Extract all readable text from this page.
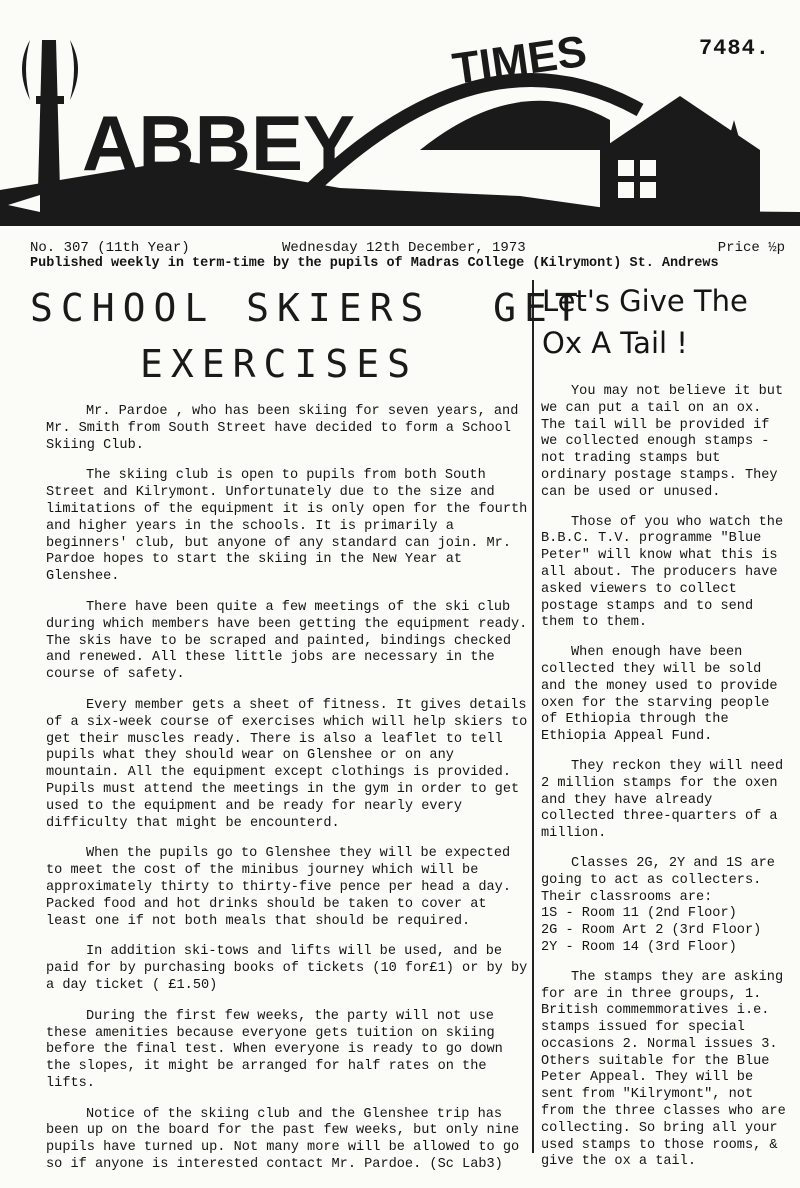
ABBEY
TIMES	7484.
No. 307 (11th Year)	Wednesday 12th December, 1973	Price ½p
Published weekly in term-time by the pupils of Madras College (Kilrymont) St. Andrews
SCHOOL SKIERS  GET
EXERCISES
Let's Give The
Ox A Tail !

Mr. Pardoe , who has been skiing for seven years, and Mr. Smith from South Street have decided to form a School Skiing Club.

The skiing club is open to pupils from both South Street and Kilrymont. Unfortunately due to the size and limitations of the equipment it is only open for the fourth and higher years in the schools. It is primarily a beginners' club, but anyone of any standard can join. Mr. Pardoe hopes to start the skiing in the New Year at Glenshee.

There have been quite a few meetings of the ski club during which members have been getting the equipment ready. The skis have to be scraped and painted, bindings checked and renewed. All these little jobs are necessary in the course of safety.

Every member gets a sheet of fitness. It gives details of a six-week course of exercises which will help skiers to get their muscles ready. There is also a leaflet to tell pupils what they should wear on Glenshee or on any mountain. All the equipment except clothings is provided. Pupils must attend the meetings in the gym in order to get used to the equipment and be ready for nearly every difficulty that might be encounterd.

When the pupils go to Glenshee they will be expected to meet the cost of the minibus journey which will be approximately thirty to thirty-five pence per head a day. Packed food and hot drinks should be taken to cover at least one if not both meals that should be required.

In addition ski-tows and lifts will be used, and be paid for by purchasing books of tickets (10 for£1) or by by a day ticket ( £1.50)

During the first few weeks, the party will not use these amenities because everyone gets tuition on skiing before the final test. When everyone is ready to go down the slopes, it might be arranged for half rates on the lifts.

Notice of the skiing club and the Glenshee trip has been up on the board for the past few weeks, but only nine pupils have turned up. Not many more will be allowed to go so if anyone is interested contact Mr. Pardoe. (Sc Lab3)

You may not believe it but we can put a tail on an ox. The tail will be provided if we collected enough stamps - not trading stamps but ordinary postage stamps. They can be used or unused.

Those of you who watch the B.B.C. T.V. programme "Blue Peter" will know what this is all about. The producers have asked viewers to collect postage stamps and to send them to them.

When enough have been collected they will be sold and the money used to provide oxen for the starving people of Ethiopia through the Ethiopia Appeal Fund.

They reckon they will need 2 million stamps for the oxen and they have already collected three-quarters of a million.

Classes 2G, 2Y and 1S are going to act as collecters. Their classrooms are:

1S - Room 11 (2nd Floor)

2G - Room Art 2 (3rd Floor)

2Y - Room 14 (3rd Floor)

The stamps they are asking for are in three groups, 1. British commemmoratives i.e. stamps issued for special occasions 2. Normal issues 3. Others suitable for the Blue Peter Appeal. They will be sent from "Kilrymont", not from the three classes who are collecting. So bring all your used stamps to those rooms, & give the ox a tail.
